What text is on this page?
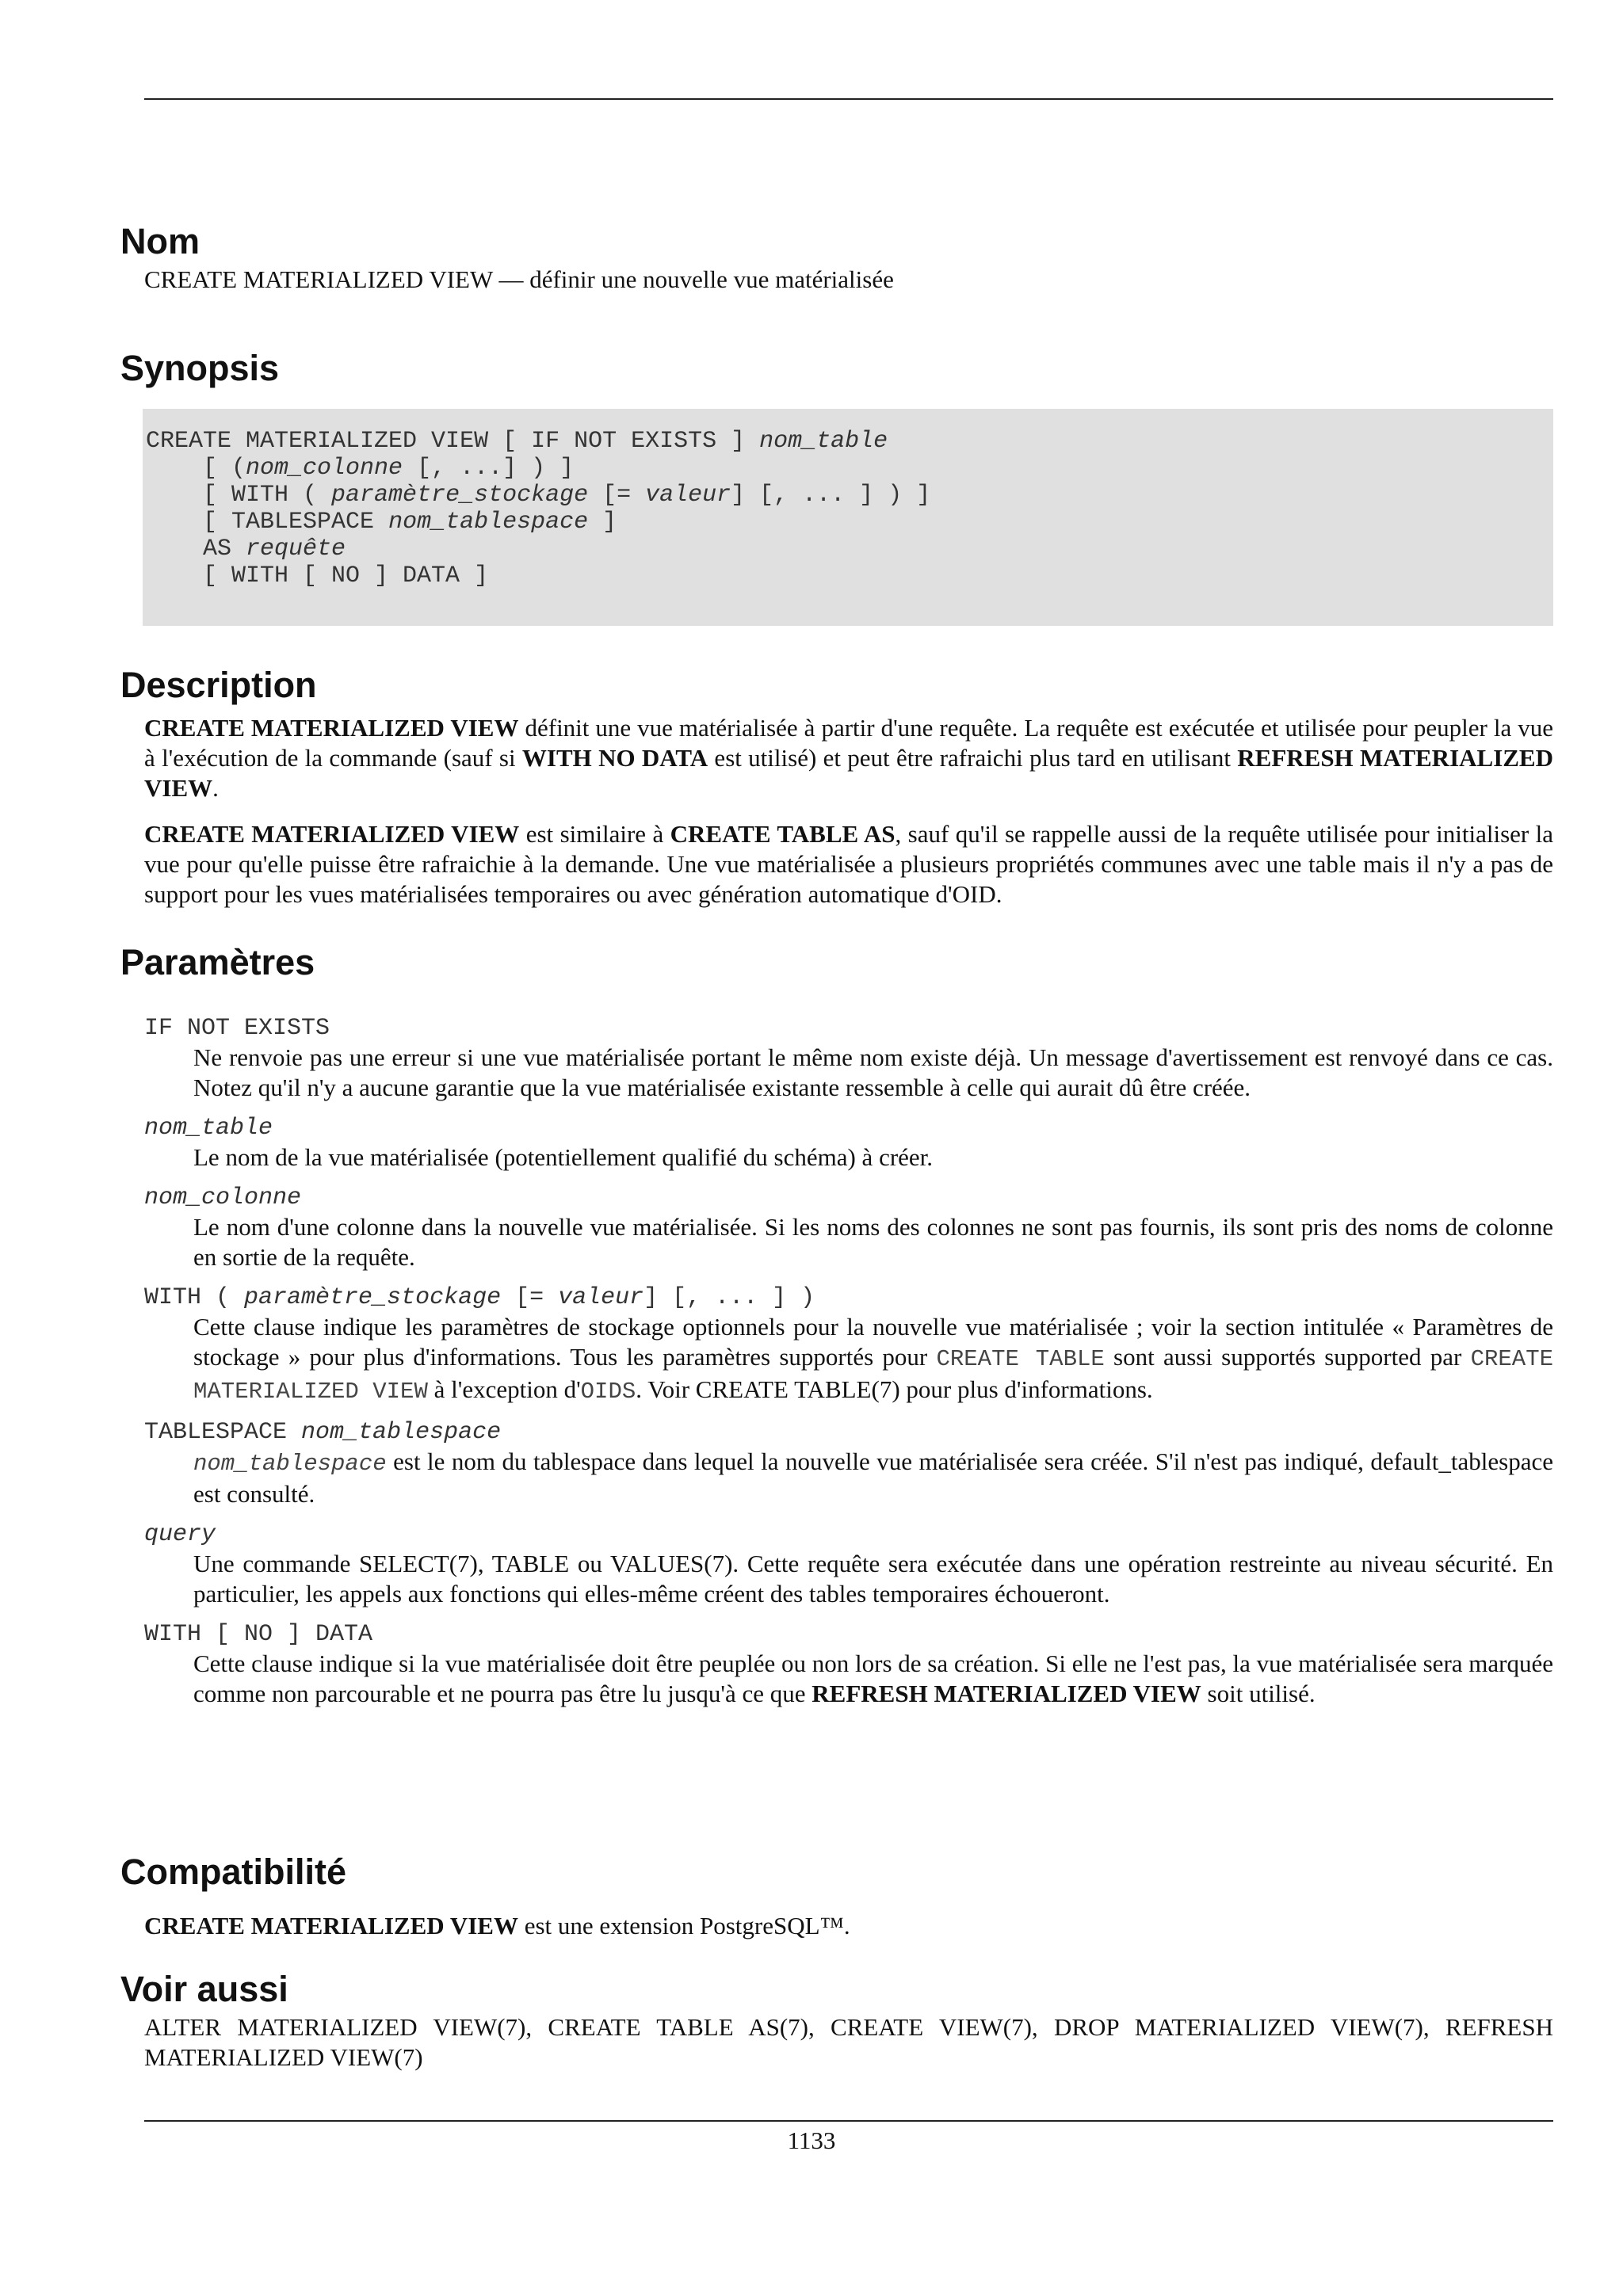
Nom

CREATE MATERIALIZED VIEW — définir une nouvelle vue matérialisée

Synopsis
CREATE MATERIALIZED VIEW [ IF NOT EXISTS ] nom_table
[ (nom_colonne [, ...] ) ]
[ WITH ( paramètre_stockage [= valeur] [, ... ] ) ]
[ TABLESPACE nom_tablespace ]
AS requête
[ WITH [ NO ] DATA ]
Description

CREATE MATERIALIZED VIEW définit une vue matérialisée à partir d'une requête. La requête est exécutée et utilisée pour peupler la vue à l'exécution de la commande (sauf si WITH NO DATA est utilisé) et peut être rafraichi plus tard en utilisant REFRESH MATERIALIZED VIEW.

CREATE MATERIALIZED VIEW est similaire à CREATE TABLE AS, sauf qu'il se rappelle aussi de la requête utilisée pour initialiser la vue pour qu'elle puisse être rafraichie à la demande. Une vue matérialisée a plusieurs propriétés communes avec une table mais il n'y a pas de support pour les vues matérialisées temporaires ou avec génération automatique d'OID.

Paramètres
IF NOT EXISTS

Ne renvoie pas une erreur si une vue matérialisée portant le même nom existe déjà. Un message d'avertissement est renvoyé dans ce cas. Notez qu'il n'y a aucune garantie que la vue matérialisée existante ressemble à celle qui aurait dû être créée.

nom_table

Le nom de la vue matérialisée (potentiellement qualifié du schéma) à créer.

nom_colonne

Le nom d'une colonne dans la nouvelle vue matérialisée. Si les noms des colonnes ne sont pas fournis, ils sont pris des noms de colonne en sortie de la requête.

WITH ( paramètre_stockage [= valeur] [, ... ] )

Cette clause indique les paramètres de stockage optionnels pour la nouvelle vue matérialisée ; voir la section intitulée « Paramètres de stockage » pour plus d'informations. Tous les paramètres supportés pour CREATE TABLE sont aussi supportés supported par CREATE MATERIALIZED VIEW à l'exception d'OIDS. Voir CREATE TABLE(7) pour plus d'informations.

TABLESPACE nom_tablespace

nom_tablespace est le nom du tablespace dans lequel la nouvelle vue matérialisée sera créée. S'il n'est pas indiqué, default_tablespace est consulté.

query

Une commande SELECT(7), TABLE ou VALUES(7). Cette requête sera exécutée dans une opération restreinte au niveau sécurité. En particulier, les appels aux fonctions qui elles-même créent des tables temporaires échoueront.

WITH [ NO ] DATA

Cette clause indique si la vue matérialisée doit être peuplée ou non lors de sa création. Si elle ne l'est pas, la vue matérialisée sera marquée comme non parcourable et ne pourra pas être lu jusqu'à ce que REFRESH MATERIALIZED VIEW soit utilisé.

Compatibilité

CREATE MATERIALIZED VIEW est une extension PostgreSQL™.

Voir aussi

ALTER MATERIALIZED VIEW(7), CREATE TABLE AS(7), CREATE VIEW(7), DROP MATERIALIZED VIEW(7), REFRESH MATERIALIZED VIEW(7)

1133
